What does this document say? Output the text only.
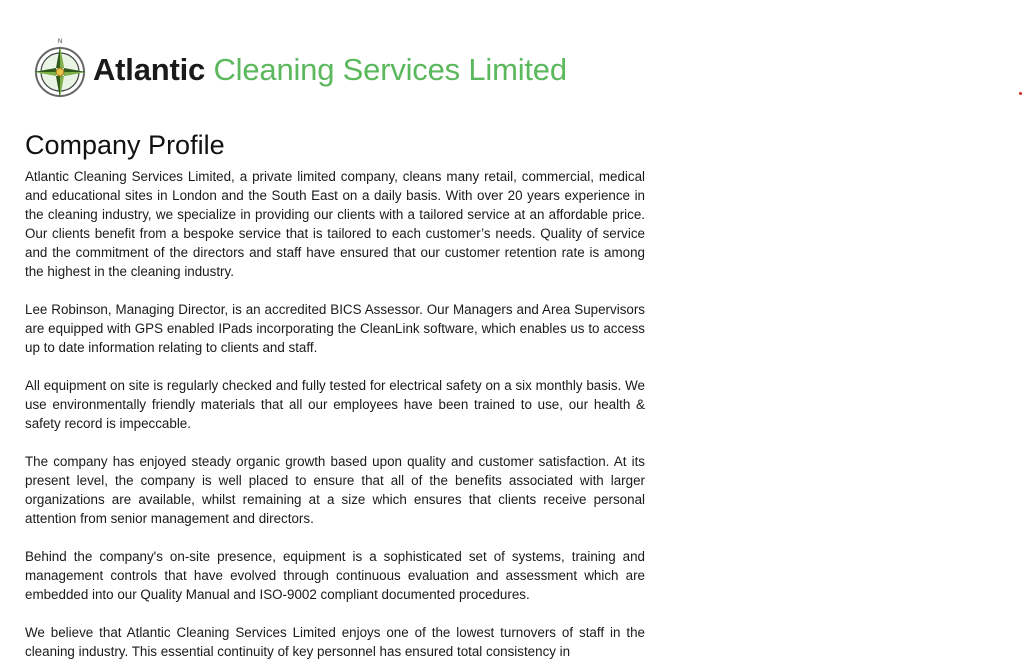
N
Atlantic Cleaning Services Limited
Company Profile

Atlantic Cleaning Services Limited, a private limited company, cleans many retail, commercial, medical and educational sites in London and the South East on a daily basis. With over 20 years experience in the cleaning industry, we specialize in providing our clients with a tailored service at an affordable price. Our clients benefit from a bespoke service that is tailored to each customer’s needs. Quality of service and the commitment of the directors and staff have ensured that our customer retention rate is among the highest in the cleaning industry.

Lee Robinson, Managing Director, is an accredited BICS Assessor. Our Managers and Area Supervisors are equipped with GPS enabled IPads incorporating the CleanLink software, which enables us to access up to date information relating to clients and staff.

All equipment on site is regularly checked and fully tested for electrical safety on a six monthly basis. We use environmentally friendly materials that all our employees have been trained to use, our health & safety record is impeccable.

The company has enjoyed steady organic growth based upon quality and customer satisfaction. At its present level, the company is well placed to ensure that all of the benefits associated with larger organizations are available, whilst remaining at a size which ensures that clients receive personal attention from senior management and directors.

Behind the company's on-site presence, equipment is a sophisticated set of systems, training and management controls that have evolved through continuous evaluation and assessment which are embedded into our Quality Manual and ISO-9002 compliant documented procedures.

We believe that Atlantic Cleaning Services Limited enjoys one of the lowest turnovers of staff in the cleaning industry. This essential continuity of key personnel has ensured total consistency in
